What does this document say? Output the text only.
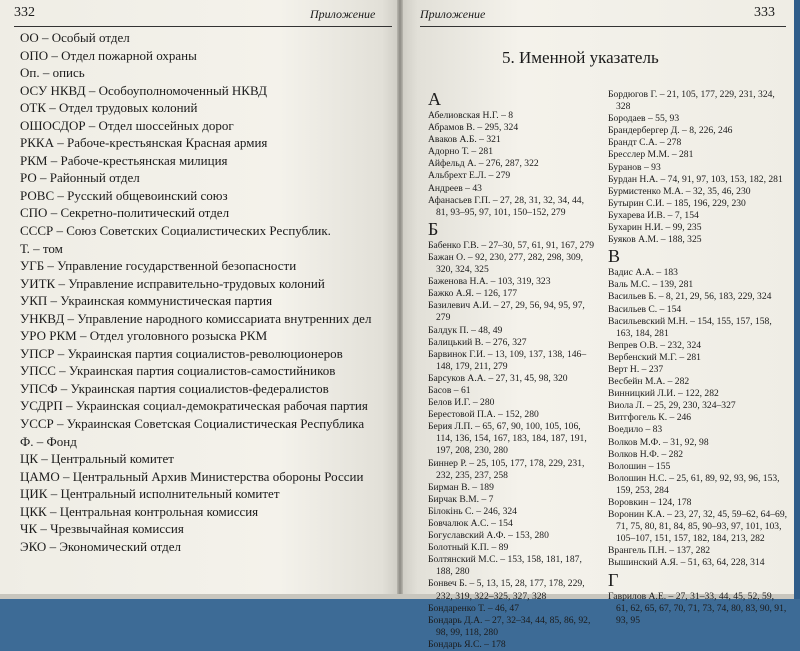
332	Приложение
ОО – Особый отдел
ОПО – Отдел пожарной охраны
Оп. – опись
ОСУ НКВД – Особоуполномоченный НКВД
ОТК – Отдел трудовых колоний
ОШОСДОР – Отдел шоссейных дорог
РККА – Рабоче-крестьянская Красная армия
РКМ – Рабоче-крестьянская милиция
РО – Районный отдел
РОВС – Русский общевоинский союз
СПО – Секретно-политический отдел
СССР – Союз Советских Социалистических Республик.
Т. – том
УГБ – Управление государственной безопасности
УИТК – Управление исправительно-трудовых колоний
УКП – Украинская коммунистическая партия
УНКВД – Управление народного комиссариата внутренних дел
УРО РКМ – Отдел уголовного розыска РКМ
УПСР – Украинская партия социалистов-революционеров
УПСС – Украинская партия социалистов-самостийников
УПСФ – Украинская партия социалистов-федералистов
УСДРП – Украинская социал-демократическая рабочая партия
УССР – Украинская Советская Социалистическая Республика
Ф. – Фонд
ЦК – Центральный комитет
ЦАМО – Центральный Архив Министерства обороны России
ЦИК – Центральный исполнительный комитет
ЦКК – Центральная контрольная комиссия
ЧК – Чрезвычайная комиссия
ЭКО – Экономический отдел
Приложение	333
5. Именной указатель
А
Абелиовская Н.Г. – 8
Абрамов В. – 295, 324
Аваков А.Б. – 321
Адорно Т. – 281
Айфельд А. – 276, 287, 322
Альбрехт Е.Л. – 279
Андреев – 43
Афанасьев Г.П. – 27, 28, 31, 32, 34, 44, 81, 93–95, 97, 101, 150–152, 279
Б
Бабенко Г.В. – 27–30, 57, 61, 91, 167, 279
Бажан О. – 92, 230, 277, 282, 298, 309, 320, 324, 325
Баженова Н.А. – 103, 319, 323
Бажко А.Я. – 126, 177
Базилевич А.И. – 27, 29, 56, 94, 95, 97, 279
Балдук П. – 48, 49
Балицький В. – 276, 327
Барвинок Г.И. – 13, 109, 137, 138, 146–148, 179, 211, 279
Барсуков А.А. – 27, 31, 45, 98, 320
Басов – 61
Белов И.Г. – 280
Берестовой П.А. – 152, 280
Берия Л.П. – 65, 67, 90, 100, 105, 106, 114, 136, 154, 167, 183, 184, 187, 191, 197, 208, 230, 280
Биннер Р. – 25, 105, 177, 178, 229, 231, 232, 235, 237, 258
Бирман В. – 189
Бирчак В.М. – 7
Білокінь С. – 246, 324
Бовчалюк А.С. – 154
Богуславский А.Ф. – 153, 280
Болотный К.П. – 89
Болтянский М.С. – 153, 158, 181, 187, 188, 280
Бонвеч Б. – 5, 13, 15, 28, 177, 178, 229, 232, 319, 322–325, 327, 328
Бондаренко Т. – 46, 47
Бондарь Д.А. – 27, 32–34, 44, 85, 86, 92, 98, 99, 118, 280
Бондарь Я.С. – 178
Бордюгов Г. – 21, 105, 177, 229, 231, 324, 328
Бородаев – 55, 93
Брандербергер Д. – 8, 226, 246
Брандт С.А. – 278
Бресслер М.М. – 281
Буранов – 93
Бурдан Н.А. – 74, 91, 97, 103, 153, 182, 281
Бурмистенко М.А. – 32, 35, 46, 230
Бутырин С.И. – 185, 196, 229, 230
Бухарева И.В. – 7, 154
Бухарин Н.И. – 99, 235
Буяков А.М. – 188, 325
В
Вадис А.А. – 183
Валь М.С. – 139, 281
Васильев Б. – 8, 21, 29, 56, 183, 229, 324
Васильев С. – 154
Васильевский М.Н. – 154, 155, 157, 158, 163, 184, 281
Вепрев О.В. – 232, 324
Вербенский М.Г. – 281
Верт Н. – 237
Весбейн М.А. – 282
Винницкий Л.И. – 122, 282
Виола Л. – 25, 29, 230, 324–327
Витгфогель К. – 246
Воедило – 83
Волков М.Ф. – 31, 92, 98
Волков Н.Ф. – 282
Волошин – 155
Волошин Н.С. – 25, 61, 89, 92, 93, 96, 153, 159, 253, 284
Воровкин – 124, 178
Воронин К.А. – 23, 27, 32, 45, 59–62, 64–69, 71, 75, 80, 81, 84, 85, 90–93, 97, 101, 103, 105–107, 151, 157, 182, 184, 213, 282
Врангель П.Н. – 137, 282
Вышинский А.Я. – 51, 63, 64, 228, 314
Г
Гаврилов А.Е. – 27, 31–33, 44, 45, 52, 59, 61, 62, 65, 67, 70, 71, 73, 74, 80, 83, 90, 91, 93, 95
